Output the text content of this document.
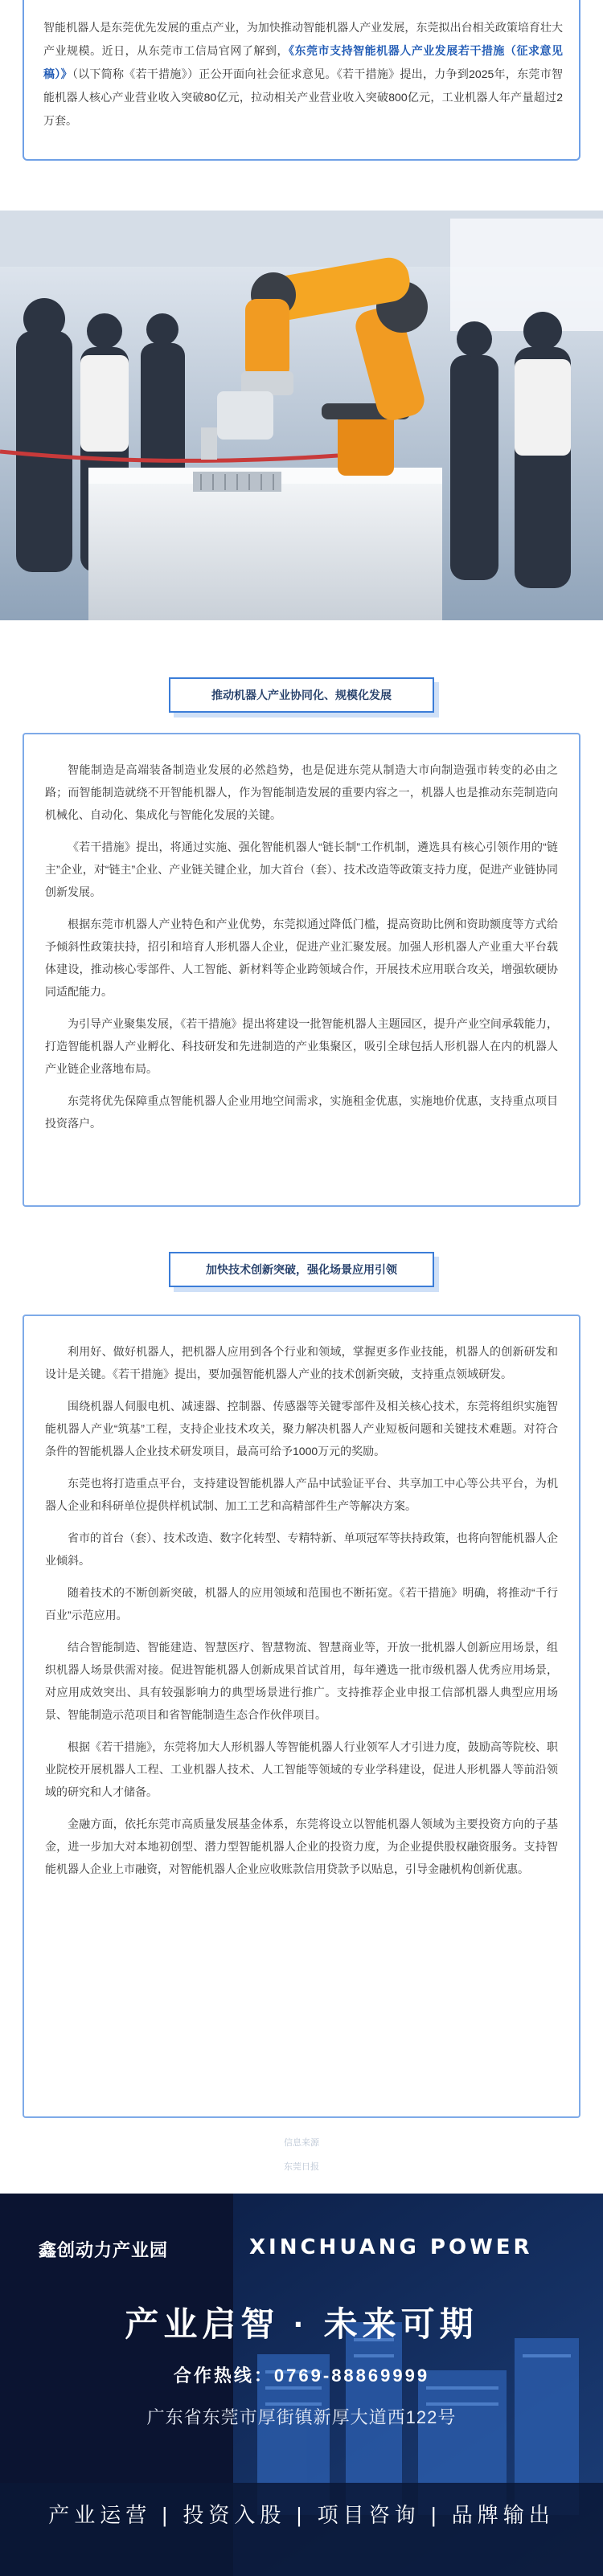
智能机器人是东莞优先发展的重点产业，为加快推动智能机器人产业发展，东莞拟出台相关政策培育壮大产业规模。近日，从东莞市工信局官网了解到，《东莞市支持智能机器人产业发展若干措施（征求意见稿）》（以下简称《若干措施》）正公开面向社会征求意见。《若干措施》提出，力争到2025年，东莞市智能机器人核心产业营业收入突破80亿元，拉动相关产业营业收入突破800亿元，工业机器人年产量超过2万套。
推动机器人产业协同化、规模化发展

智能制造是高端装备制造业发展的必然趋势，也是促进东莞从制造大市向制造强市转变的必由之路；而智能制造就绕不开智能机器人，作为智能制造发展的重要内容之一，机器人也是推动东莞制造向机械化、自动化、集成化与智能化发展的关键。

《若干措施》提出，将通过实施、强化智能机器人“链长制”工作机制，遴选具有核心引领作用的“链主”企业，对“链主”企业、产业链关键企业，加大首台（套）、技术改造等政策支持力度，促进产业链协同创新发展。

根据东莞市机器人产业特色和产业优势，东莞拟通过降低门槛，提高资助比例和资助额度等方式给予倾斜性政策扶持，招引和培育人形机器人企业，促进产业汇聚发展。加强人形机器人产业重大平台载体建设，推动核心零部件、人工智能、新材料等企业跨领域合作，开展技术应用联合攻关，增强软硬协同适配能力。

为引导产业聚集发展，《若干措施》提出将建设一批智能机器人主题园区，提升产业空间承载能力，打造智能机器人产业孵化、科技研发和先进制造的产业集聚区，吸引全球包括人形机器人在内的机器人产业链企业落地布局。

东莞将优先保障重点智能机器人企业用地空间需求，实施租金优惠，实施地价优惠，支持重点项目投资落户。

加快技术创新突破，强化场景应用引领

利用好、做好机器人，把机器人应用到各个行业和领域，掌握更多作业技能，机器人的创新研发和设计是关键。《若干措施》提出，要加强智能机器人产业的技术创新突破，支持重点领域研发。

围绕机器人伺服电机、减速器、控制器、传感器等关键零部件及相关核心技术，东莞将组织实施智能机器人产业“筑基”工程，支持企业技术攻关，聚力解决机器人产业短板问题和关键技术难题。对符合条件的智能机器人企业技术研发项目，最高可给予1000万元的奖励。

东莞也将打造重点平台，支持建设智能机器人产品中试验证平台、共享加工中心等公共平台，为机器人企业和科研单位提供样机试制、加工工艺和高精部件生产等解决方案。

省市的首台（套）、技术改造、数字化转型、专精特新、单项冠军等扶持政策，也将向智能机器人企业倾斜。

随着技术的不断创新突破，机器人的应用领域和范围也不断拓宽。《若干措施》明确，将推动“千行百业”示范应用。

结合智能制造、智能建造、智慧医疗、智慧物流、智慧商业等，开放一批机器人创新应用场景，组织机器人场景供需对接。促进智能机器人创新成果首试首用，每年遴选一批市级机器人优秀应用场景，对应用成效突出、具有较强影响力的典型场景进行推广。支持推荐企业申报工信部机器人典型应用场景、智能制造示范项目和省智能制造生态合作伙伴项目。

根据《若干措施》，东莞将加大人形机器人等智能机器人行业领军人才引进力度，鼓励高等院校、职业院校开展机器人工程、工业机器人技术、人工智能等领域的专业学科建设，促进人形机器人等前沿领域的研究和人才储备。

金融方面，依托东莞市高质量发展基金体系，东莞将设立以智能机器人领域为主要投资方向的子基金，进一步加大对本地初创型、潜力型智能机器人企业的投资力度，为企业提供股权融资服务。支持智能机器人企业上市融资，对智能机器人企业应收账款信用贷款予以贴息，引导金融机构创新优惠。

信息来源
东莞日报
鑫创动力产业园	XINCHUANG POWER
产业启智 · 未来可期
合作热线：0769-88869999
广东省东莞市厚街镇新厚大道西122号
产业运营 | 投资入股 | 项目咨询 | 品牌输出
